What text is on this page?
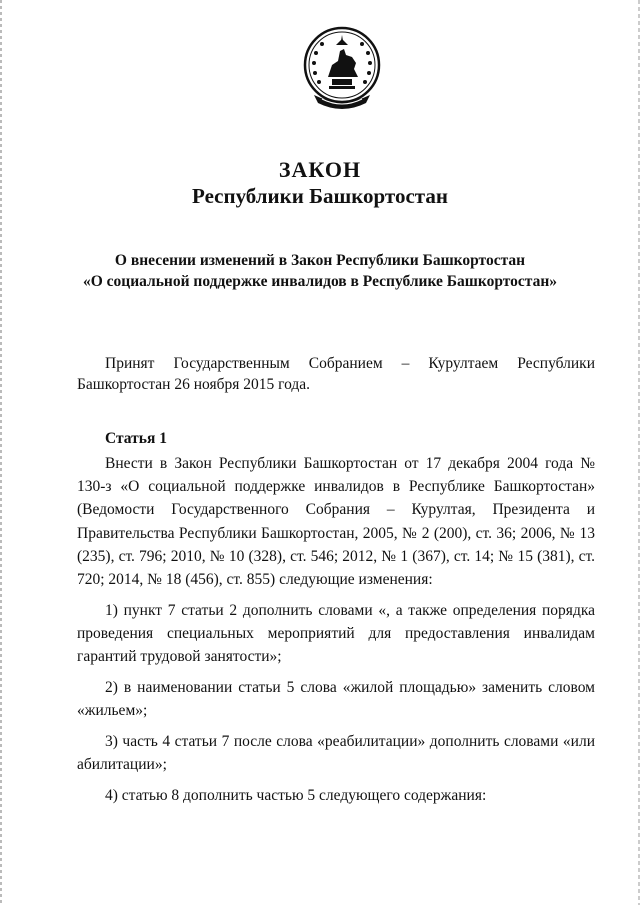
ЗАКОН
Республики Башкортостан
О внесении изменений в Закон Республики Башкортостан
«О социальной поддержке инвалидов в Республике Башкортостан»
Принят Государственным Собранием – Курултаем Республики
Башкортостан 26 ноября 2015 года.
Статья 1

Внести в Закон Республики Башкортостан от 17 декабря 2004 года № 130-з «О социальной поддержке инвалидов в Республике Башкортостан» (Ведомости Государственного Собрания – Курултая, Президента и Правительства Республики Башкортостан, 2005, № 2 (200), ст. 36; 2006, № 13 (235), ст. 796; 2010, № 10 (328), ст. 546; 2012, № 1 (367), ст. 14; № 15 (381), ст. 720; 2014, № 18 (456), ст. 855) следующие изменения:

1) пункт 7 статьи 2 дополнить словами «, а также определения порядка проведения специальных мероприятий для предоставления инвалидам гарантий трудовой занятости»;

2) в наименовании статьи 5 слова «жилой площадью» заменить словом «жильем»;

3) часть 4 статьи 7 после слова «реабилитации» дополнить словами «или абилитации»;

4) статью 8 дополнить частью 5 следующего содержания:
